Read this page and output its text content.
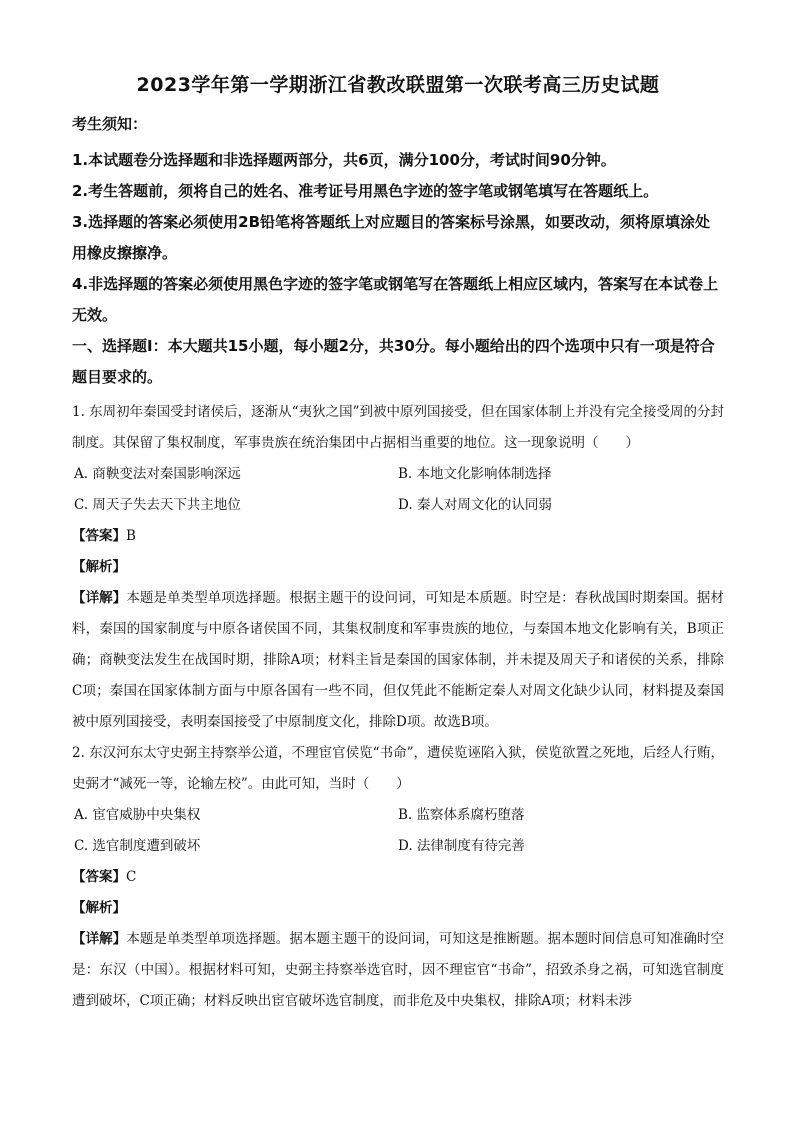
2023学年第一学期浙江省教改联盟第一次联考高三历史试题
考生须知：

1.本试题卷分选择题和非选择题两部分，共6页，满分100分，考试时间90分钟。

2.考生答题前，须将自己的姓名、准考证号用黑色字迹的签字笔或钢笔填写在答题纸上。

3.选择题的答案必须使用2B铅笔将答题纸上对应题目的答案标号涂黑，如要改动，须将原填涂处用橡皮擦擦净。

4.非选择题的答案必须使用黑色字迹的签字笔或钢笔写在答题纸上相应区域内，答案写在本试卷上无效。

一、选择题Ⅰ：本大题共15小题，每小题2分，共30分。每小题给出的四个选项中只有一项是符合题目要求的。

1. 东周初年秦国受封诸侯后，逐渐从“夷狄之国”到被中原列国接受，但在国家体制上并没有完全接受周的分封制度。其保留了集权制度，军事贵族在统治集团中占据相当重要的地位。这一现象说明（　　）

A. 商鞅变法对秦国影响深远	B. 本地文化影响体制选择
C. 周天子失去天下共主地位	D. 秦人对周文化的认同弱

【答案】B

【解析】

【详解】本题是单类型单项选择题。根据主题干的设问词，可知是本质题。时空是：春秋战国时期秦国。据材料，秦国的国家制度与中原各诸侯国不同，其集权制度和军事贵族的地位，与秦国本地文化影响有关，B项正确；商鞅变法发生在战国时期，排除A项；材料主旨是秦国的国家体制，并未提及周天子和诸侯的关系，排除C项；秦国在国家体制方面与中原各国有一些不同，但仅凭此不能断定秦人对周文化缺少认同，材料提及秦国被中原列国接受，表明秦国接受了中原制度文化，排除D项。故选B项。

2. 东汉河东太守史弼主持察举公道，不理宦官侯览“书命”，遭侯览诬陷入狱，侯览欲置之死地，后经人行贿，史弼才“减死一等，论输左校”。由此可知，当时（　　）

A. 宦官威胁中央集权	B. 监察体系腐朽堕落
C. 选官制度遭到破坏	D. 法律制度有待完善

【答案】C

【解析】

【详解】本题是单类型单项选择题。据本题主题干的设问词，可知这是推断题。据本题时间信息可知准确时空是：东汉（中国）。根据材料可知，史弼主持察举选官时，因不理宦官“书命”，招致杀身之祸，可知选官制度遭到破坏，C项正确；材料反映出宦官破坏选官制度，而非危及中央集权，排除A项；材料未涉
